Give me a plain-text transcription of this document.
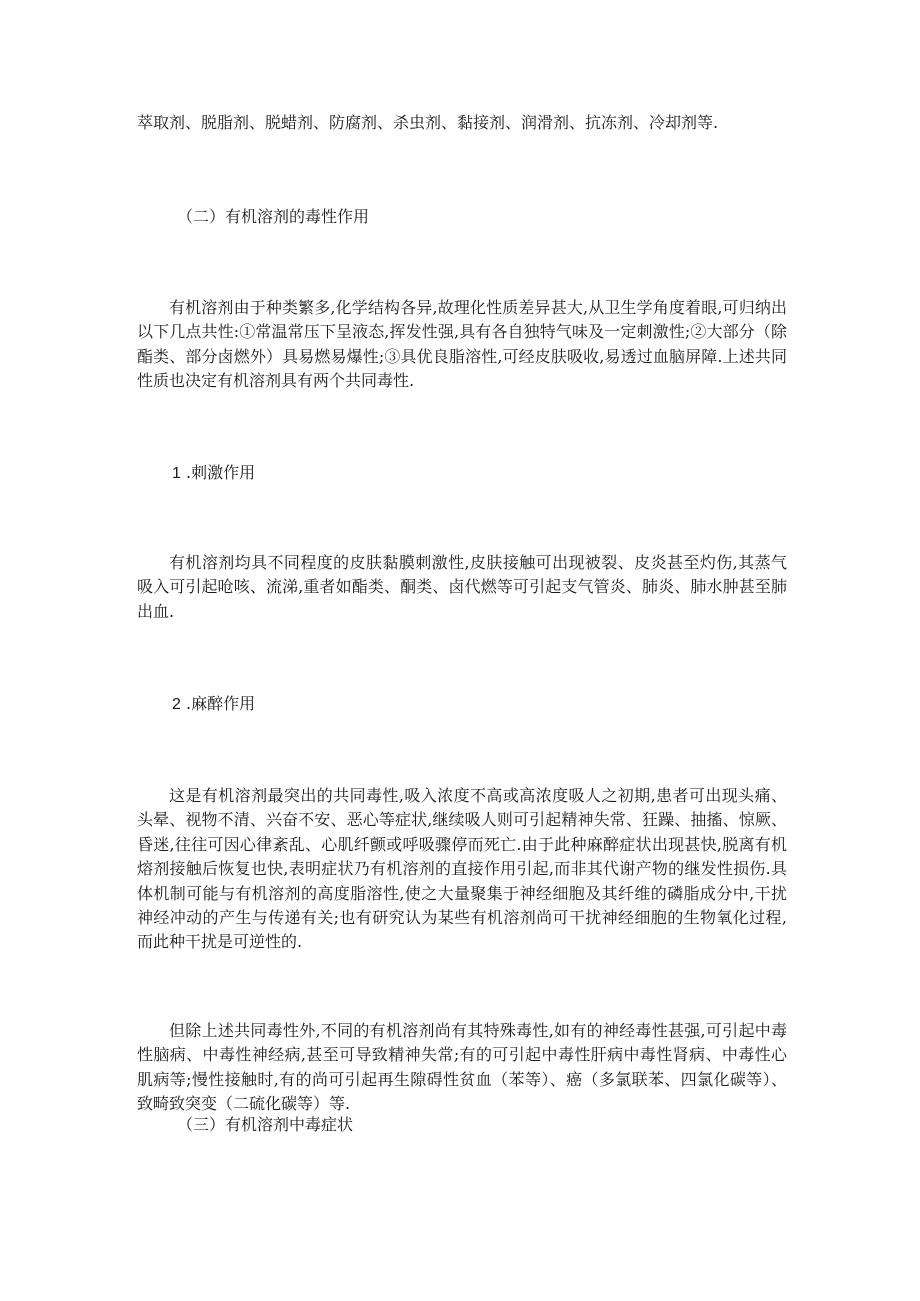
萃取剂、脱脂剂、脱蜡剂、防腐剂、杀虫剂、黏接剂、润滑剂、抗冻剂、冷却剂等.
（二）有机溶剂的毒性作用

有机溶剂由于种类繁多,化学结构各异,故理化性质差异甚大,从卫生学角度着眼,可归纳出以下几点共性:①常温常压下呈液态,挥发性强,具有各自独特气味及一定刺激性;②大部分（除酯类、部分卤燃外）具易燃易爆性;③具优良脂溶性,可经皮肤吸收,易透过血脑屏障.上述共同性质也决定有机溶剂具有两个共同毒性.

1 .刺激作用

有机溶剂均具不同程度的皮肤黏膜刺激性,皮肤接触可出现被裂、皮炎甚至灼伤,其蒸气吸入可引起呛咳、流涕,重者如酯类、酮类、卤代燃等可引起支气管炎、肺炎、肺水肿甚至肺出血.

2 .麻醉作用

这是有机溶剂最突出的共同毒性,吸入浓度不高或高浓度吸人之初期,患者可出现头痛、头晕、视物不清、兴奋不安、恶心等症状,继续吸人则可引起精神失常、狂躁、抽搐、惊厥、昏迷,往往可因心律紊乱、心肌纤颤或呼吸骤停而死亡.由于此种麻醉症状出现甚快,脱离有机熔剂接触后恢复也快,表明症状乃有机溶剂的直接作用引起,而非其代谢产物的继发性损伤.具体机制可能与有机溶剂的高度脂溶性,使之大量聚集于神经细胞及其纤维的磷脂成分中,干扰神经冲动的产生与传递有关;也有研究认为某些有机溶剂尚可干扰神经细胞的生物氧化过程,而此种干扰是可逆性的.

但除上述共同毒性外,不同的有机溶剂尚有其特殊毒性,如有的神经毒性甚强,可引起中毒性脑病、中毒性神经病,甚至可导致精神失常;有的可引起中毒性肝病中毒性肾病、中毒性心肌病等;慢性接触时,有的尚可引起再生隙碍性贫血（苯等）、癌（多氯联苯、四氯化碳等）、致畸致突变（二硫化碳等）等.

（三）有机溶剂中毒症状
